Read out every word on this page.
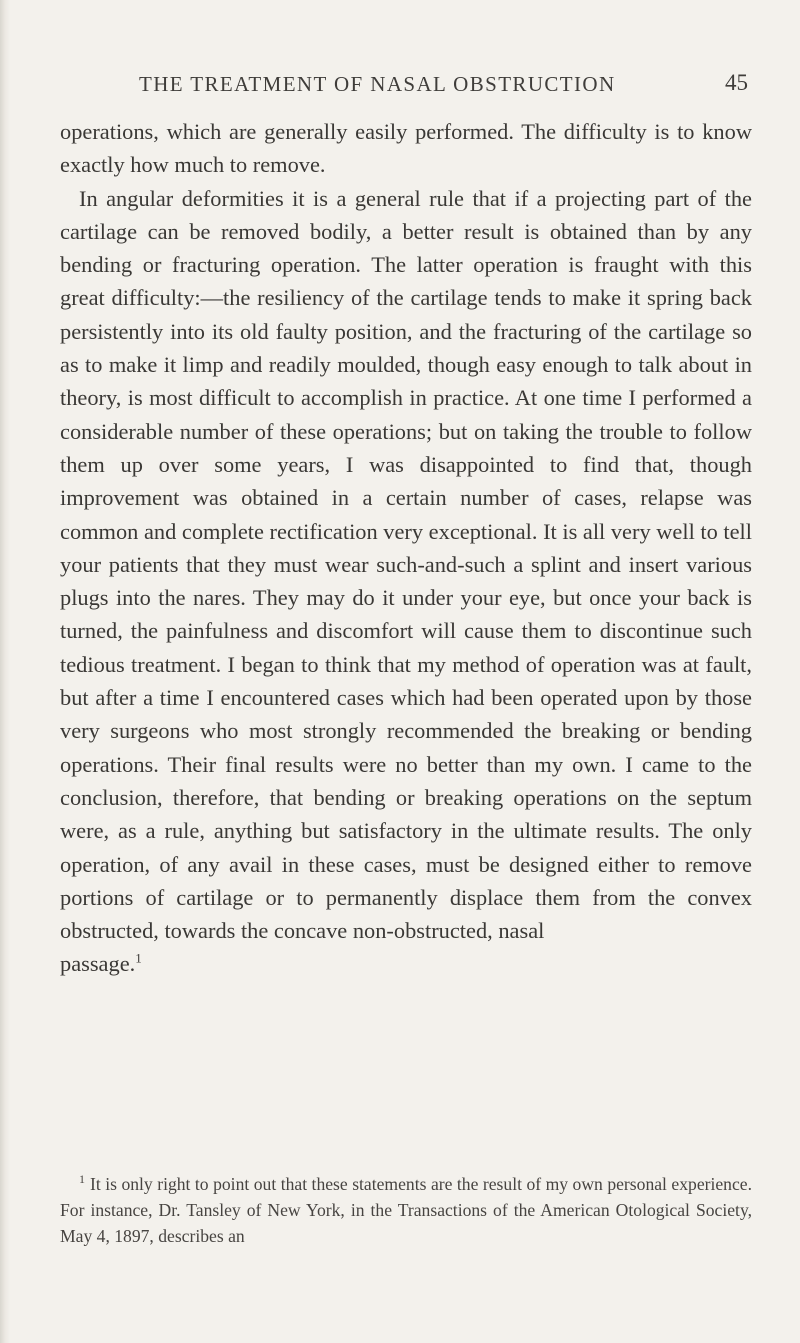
THE TREATMENT OF NASAL OBSTRUCTION	45

operations, which are generally easily performed. The difficulty is to know exactly how much to remove.

In angular deformities it is a general rule that if a projecting part of the cartilage can be removed bodily, a better result is obtained than by any bending or fracturing operation. The latter operation is fraught with this great difficulty:—the resiliency of the cartilage tends to make it spring back persistently into its old faulty position, and the fracturing of the cartilage so as to make it limp and readily moulded, though easy enough to talk about in theory, is most difficult to accomplish in practice. At one time I performed a considerable number of these operations; but on taking the trouble to follow them up over some years, I was disappointed to find that, though improvement was obtained in a certain number of cases, relapse was common and complete rectification very exceptional. It is all very well to tell your patients that they must wear such-and-such a splint and insert various plugs into the nares. They may do it under your eye, but once your back is turned, the painfulness and discomfort will cause them to discontinue such tedious treatment. I began to think that my method of operation was at fault, but after a time I encountered cases which had been operated upon by those very surgeons who most strongly recommended the breaking or bending operations. Their final results were no better than my own. I came to the conclusion, therefore, that bending or breaking operations on the septum were, as a rule, anything but satisfactory in the ultimate results. The only operation, of any avail in these cases, must be designed either to remove portions of cartilage or to permanently displace them from the convex obstructed, towards the concave non-obstructed, nasal

passage.$^1$

$^1$ It is only right to point out that these statements are the result of my own personal experience. For instance, Dr. Tansley of New York, in the Transactions of the American Otological Society, May 4, 1897, describes an
